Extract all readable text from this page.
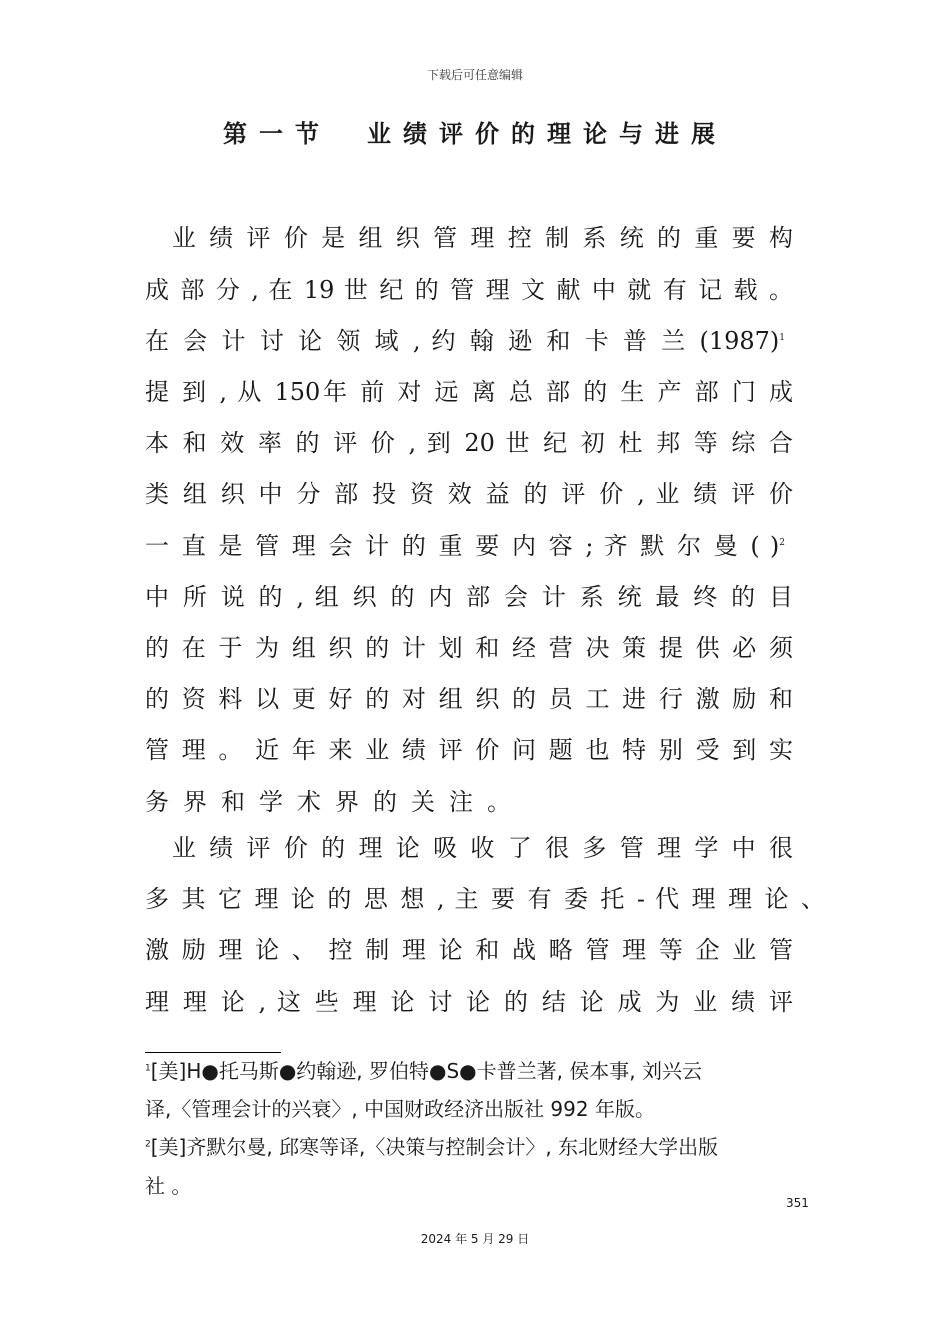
下载后可任意编辑
第一节 业绩评价的理论与进展
　业 绩 评 价 是 组 织 管 理 控 制 系 统 的 重 要 构
成 部 分 , 在 19 世 纪 的 管 理 文 献 中 就 有 记 载 。
在 会 计 讨 论 领 域 , 约 翰 逊 和 卡 普 兰 $(1987)^1$
提 到 , 从 150年 前 对 远 离 总 部 的 生 产 部 门 成
本 和 效 率 的 评 价 , 到 20 世 纪 初 杜 邦 等 综 合
类 组 织 中 分 部 投 资 效 益 的 评 价 , 业 绩 评 价
一 直 是 管 理 会 计 的 重 要 内 容 ; 齐 默 尔 曼 ( )$^2$
中 所 说 的 , 组 织 的 内 部 会 计 系 统 最 终 的 目
的 在 于 为 组 织 的 计 划 和 经 营 决 策 提 供 必 须
的 资 料 以 更 好 的 对 组 织 的 员 工 进 行 激 励 和
管 理 。 近 年 来 业 绩 评 价 问 题 也 特 别 受 到 实
务界和学术界的关注。
　业 绩 评 价 的 理 论 吸 收 了 很 多 管 理 学 中 很
多 其 它 理 论 的 思 想 , 主 要 有 委 托 - 代 理 理 论 、
激 励 理 论 、 控 制 理 论 和 战 略 管 理 等 企 业 管
理 理 论 , 这 些 理 论 讨 论 的 结 论 成 为 业 绩 评
$^1$[美]H●托马斯●约翰逊, 罗伯特●S●卡普兰著, 侯本事, 刘兴云
译,〈管理会计的兴衰〉, 中国财政经济出版社 992 年版。
$^2$[美]齐默尔曼, 邱寒等译,〈决策与控制会计〉, 东北财经大学出版
社 。
351
2024 年 5 月 29 日
